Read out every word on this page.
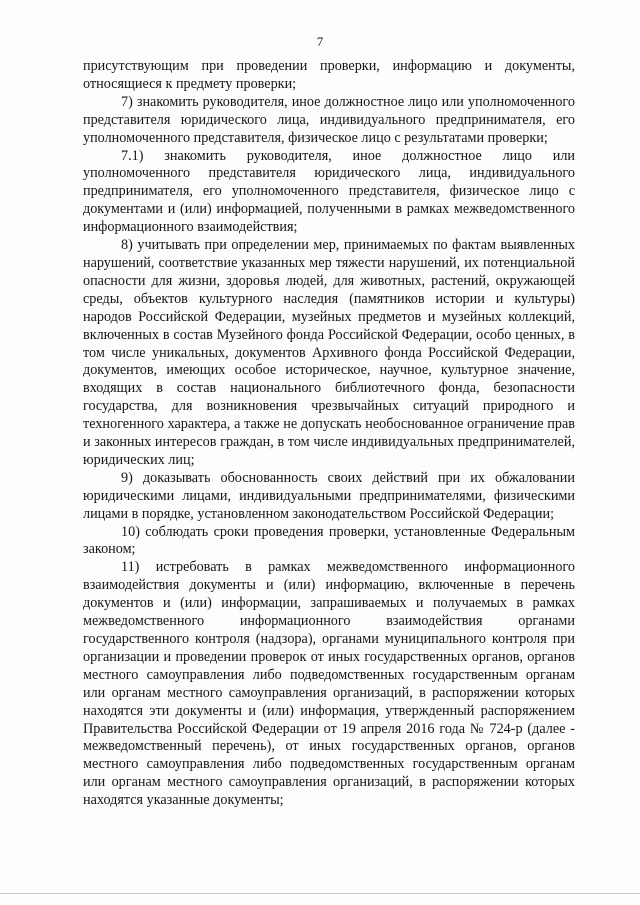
7

присутствующим при проведении проверки, информацию и документы, относящиеся к предмету проверки;

7) знакомить руководителя, иное должностное лицо или уполномоченного представителя юридического лица, индивидуального предпринимателя, его уполномоченного представителя, физическое лицо с результатами проверки;

7.1) знакомить руководителя, иное должностное лицо или уполномоченного представителя юридического лица, индивидуального предпринимателя, его уполномоченного представителя, физическое лицо с документами и (или) информацией, полученными в рамках межведомственного информационного взаимодействия;

8) учитывать при определении мер, принимаемых по фактам выявленных нарушений, соответствие указанных мер тяжести нарушений, их потенциальной опасности для жизни, здоровья людей, для животных, растений, окружающей среды, объектов культурного наследия (памятников истории и культуры) народов Российской Федерации, музейных предметов и музейных коллекций, включенных в состав Музейного фонда Российской Федерации, особо ценных, в том числе уникальных, документов Архивного фонда Российской Федерации, документов, имеющих особое историческое, научное, культурное значение, входящих в состав национального библиотечного фонда, безопасности государства, для возникновения чрезвычайных ситуаций природного и техногенного характера, а также не допускать необоснованное ограничение прав и законных интересов граждан, в том числе индивидуальных предпринимателей, юридических лиц;

9) доказывать обоснованность своих действий при их обжаловании юридическими лицами, индивидуальными предпринимателями, физическими лицами в порядке, установленном законодательством Российской Федерации;

10) соблюдать сроки проведения проверки, установленные Федеральным законом;

11) истребовать в рамках межведомственного информационного взаимодействия документы и (или) информацию, включенные в перечень документов и (или) информации, запрашиваемых и получаемых в рамках межведомственного информационного взаимодействия органами государственного контроля (надзора), органами муниципального контроля при организации и проведении проверок от иных государственных органов, органов местного самоуправления либо подведомственных государственным органам или органам местного самоуправления организаций, в распоряжении которых находятся эти документы и (или) информация, утвержденный распоряжением Правительства Российской Федерации от 19 апреля 2016 года № 724-р (далее - межведомственный перечень), от иных государственных органов, органов местного самоуправления либо подведомственных государственным органам или органам местного самоуправления организаций, в распоряжении которых находятся указанные документы;
